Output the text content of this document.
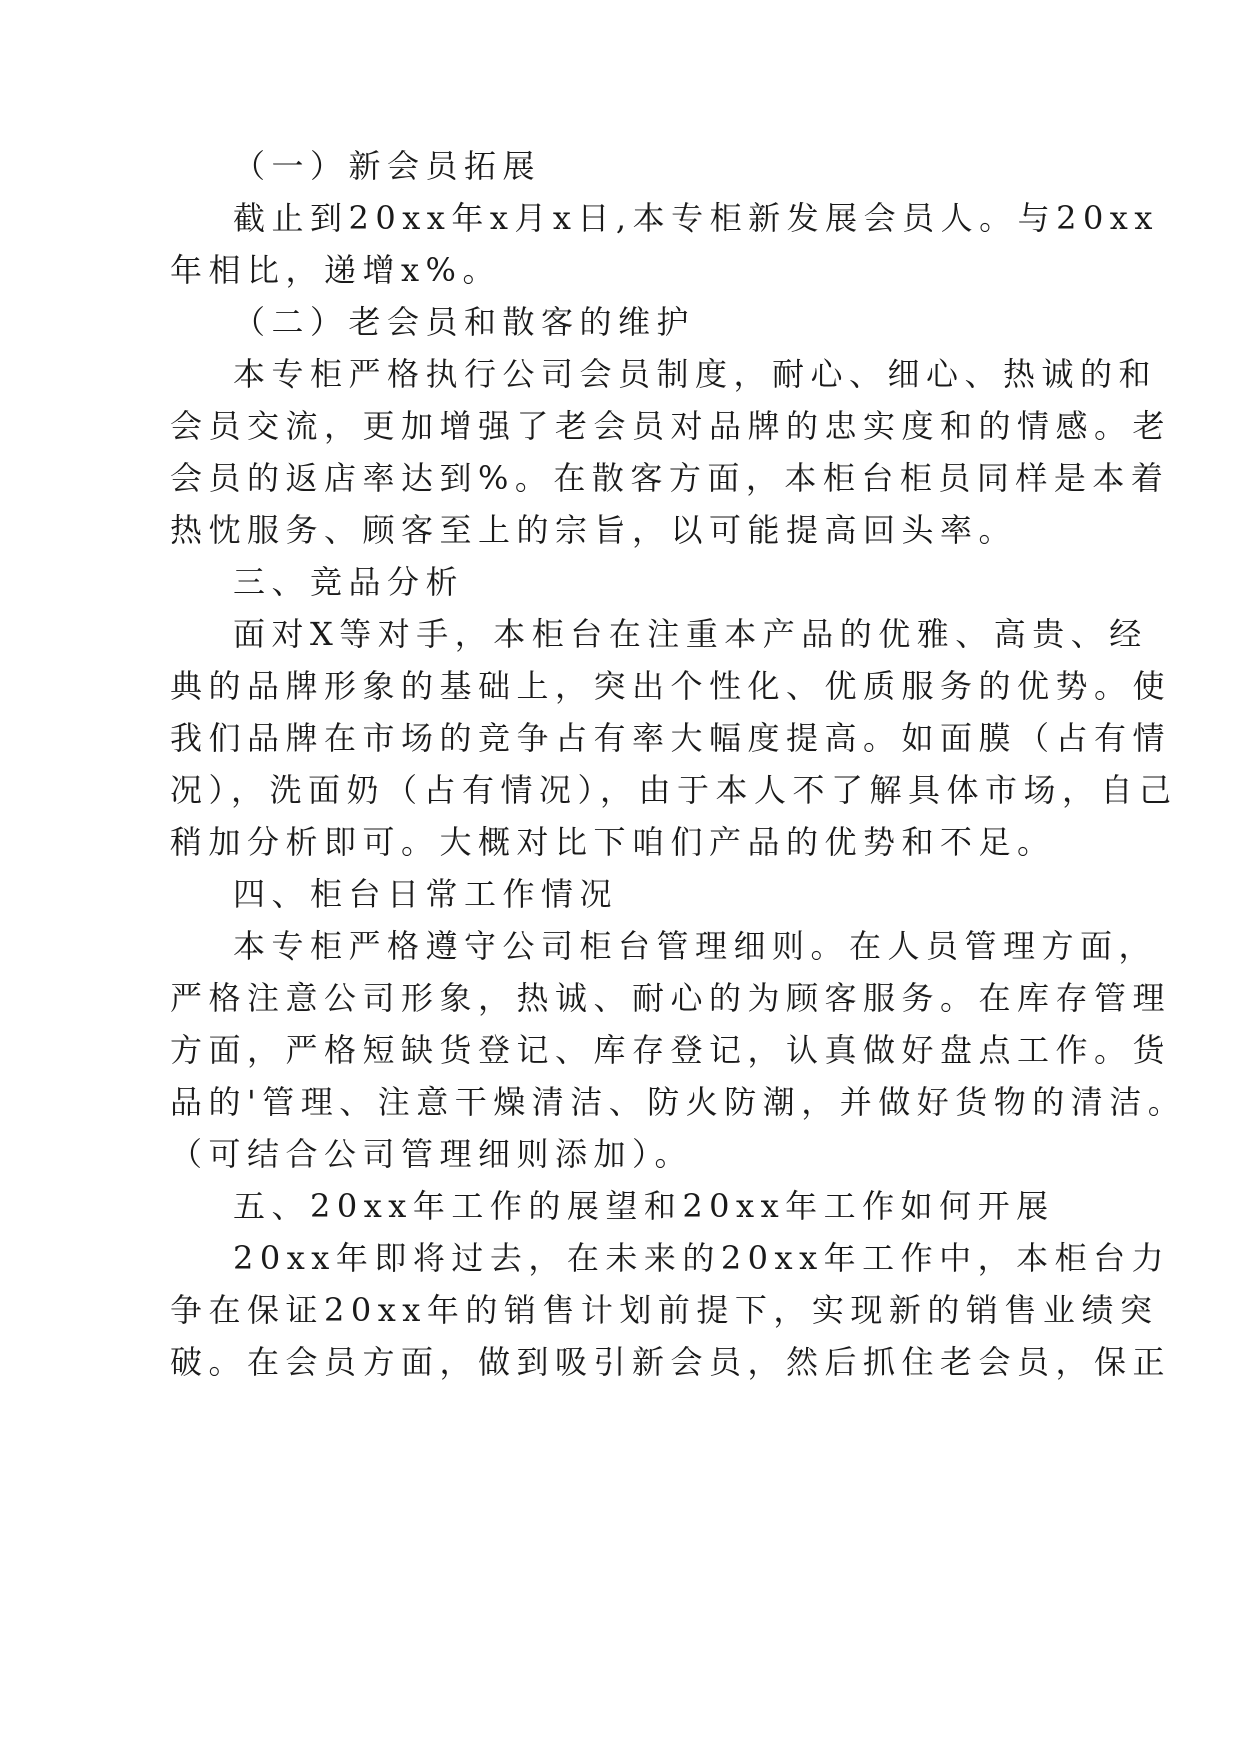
（一）新会员拓展
截止到20xx年x月x日,本专柜新发展会员人。与20xx
年相比，递增x%。
（二）老会员和散客的维护
本专柜严格执行公司会员制度，耐心、细心、热诚的和
会员交流，更加增强了老会员对品牌的忠实度和的情感。老
会员的返店率达到%。在散客方面，本柜台柜员同样是本着
热忱服务、顾客至上的宗旨，以可能提高回头率。
三、竞品分析
面对X等对手，本柜台在注重本产品的优雅、高贵、经
典的品牌形象的基础上，突出个性化、优质服务的优势。使
我们品牌在市场的竞争占有率大幅度提高。如面膜（占有情
况），洗面奶（占有情况），由于本人不了解具体市场，自己
稍加分析即可。大概对比下咱们产品的优势和不足。
四、柜台日常工作情况
本专柜严格遵守公司柜台管理细则。在人员管理方面，
严格注意公司形象，热诚、耐心的为顾客服务。在库存管理
方面，严格短缺货登记、库存登记，认真做好盘点工作。货
品的'管理、注意干燥清洁、防火防潮，并做好货物的清洁。
（可结合公司管理细则添加）。
五、20xx年工作的展望和20xx年工作如何开展
20xx年即将过去，在未来的20xx年工作中，本柜台力
争在保证20xx年的销售计划前提下，实现新的销售业绩突
破。在会员方面，做到吸引新会员，然后抓住老会员，保正
